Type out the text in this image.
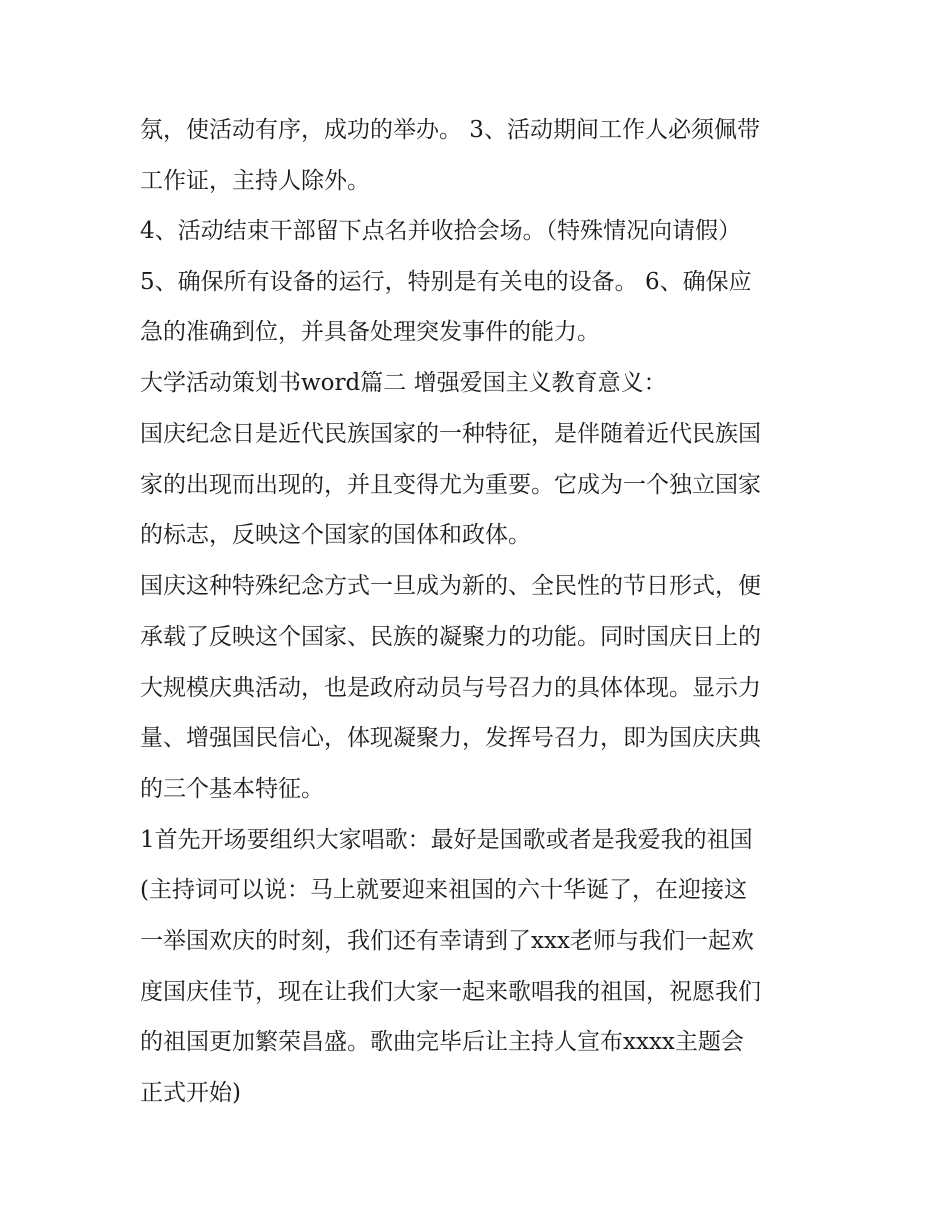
氛，使活动有序，成功的举办。 3、活动期间工作人必须佩带
工作证，主持人除外。
4、活动结束干部留下点名并收拾会场。（特殊情况向请假）
5、确保所有设备的运行，特别是有关电的设备。 6、确保应
急的准确到位，并具备处理突发事件的能力。
大学活动策划书word篇二 增强爱国主义教育意义：
国庆纪念日是近代民族国家的一种特征，是伴随着近代民族国
家的出现而出现的，并且变得尤为重要。它成为一个独立国家
的标志，反映这个国家的国体和政体。
国庆这种特殊纪念方式一旦成为新的、全民性的节日形式，便
承载了反映这个国家、民族的凝聚力的功能。同时国庆日上的
大规模庆典活动，也是政府动员与号召力的具体体现。显示力
量、增强国民信心，体现凝聚力，发挥号召力，即为国庆庆典
的三个基本特征。
1首先开场要组织大家唱歌：最好是国歌或者是我爱我的祖国
(主持词可以说：马上就要迎来祖国的六十华诞了，在迎接这
一举国欢庆的时刻，我们还有幸请到了xxx老师与我们一起欢
度国庆佳节，现在让我们大家一起来歌唱我的祖国，祝愿我们
的祖国更加繁荣昌盛。歌曲完毕后让主持人宣布xxxx主题会
正式开始)
